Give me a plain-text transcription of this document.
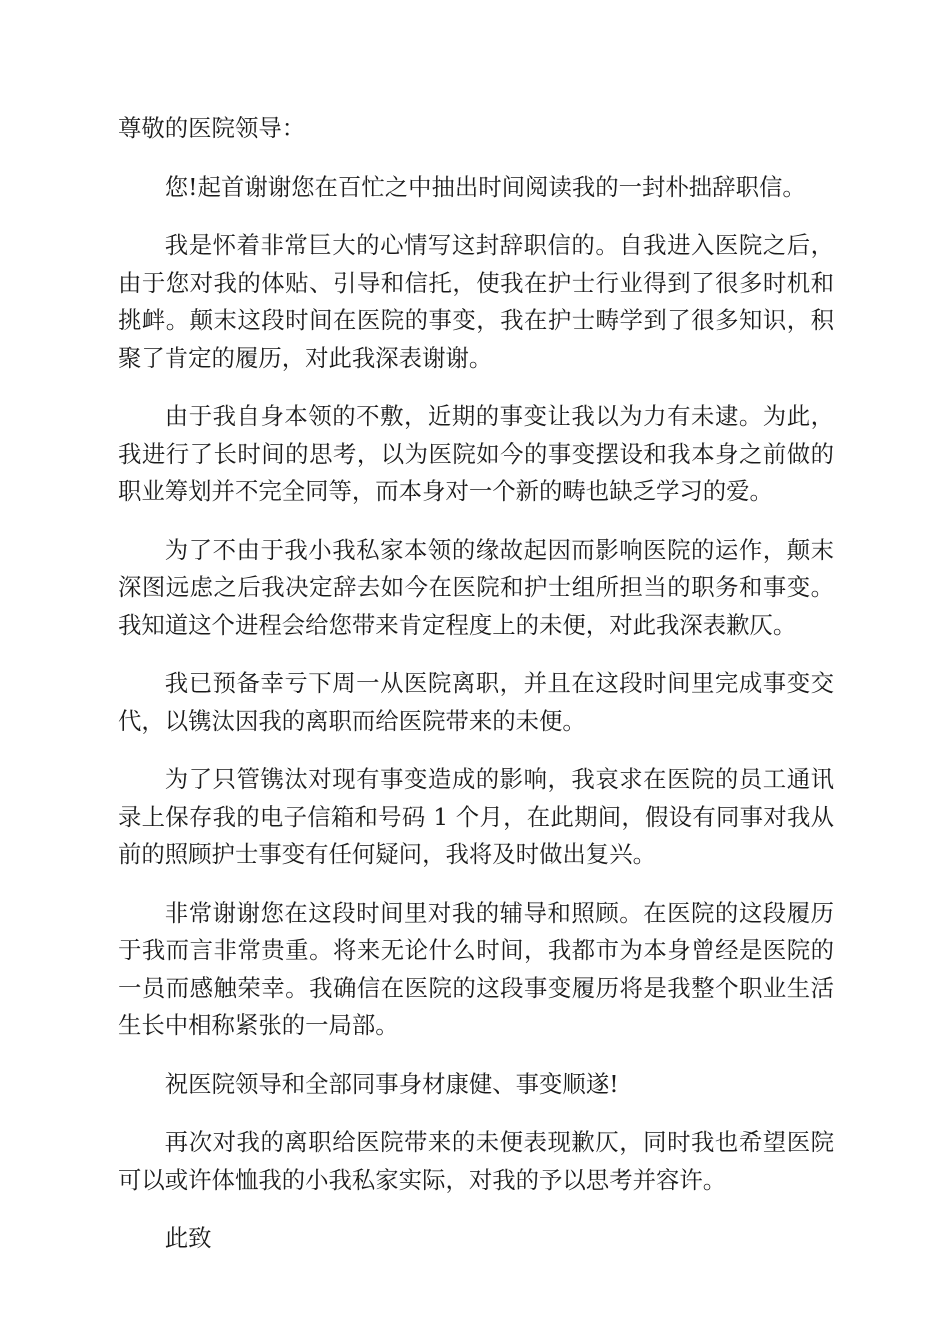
尊敬的医院领导：

您!起首谢谢您在百忙之中抽出时间阅读我的一封朴拙辞职信。

我是怀着非常巨大的心情写这封辞职信的。自我进入医院之后，由于您对我的体贴、引导和信托，使我在护士行业得到了很多时机和挑衅。颠末这段时间在医院的事变，我在护士畴学到了很多知识，积聚了肯定的履历，对此我深表谢谢。

由于我自身本领的不敷，近期的事变让我以为力有未逮。为此，我进行了长时间的思考，以为医院如今的事变摆设和我本身之前做的职业筹划并不完全同等，而本身对一个新的畴也缺乏学习的爱。

为了不由于我小我私家本领的缘故起因而影响医院的运作，颠末深图远虑之后我决定辞去如今在医院和护士组所担当的职务和事变。我知道这个进程会给您带来肯定程度上的未便，对此我深表歉仄。

我已预备幸亏下周一从医院离职，并且在这段时间里完成事变交代，以镌汰因我的离职而给医院带来的未便。

为了只管镌汰对现有事变造成的影响，我哀求在医院的员工通讯录上保存我的电子信箱和号码 1 个月，在此期间，假设有同事对我从前的照顾护士事变有任何疑问，我将及时做出复兴。

非常谢谢您在这段时间里对我的辅导和照顾。在医院的这段履历于我而言非常贵重。将来无论什么时间，我都市为本身曾经是医院的一员而感触荣幸。我确信在医院的这段事变履历将是我整个职业生活生长中相称紧张的一局部。

祝医院领导和全部同事身材康健、事变顺遂!

再次对我的离职给医院带来的未便表现歉仄，同时我也希望医院可以或许体恤我的小我私家实际，对我的予以思考并容许。

此致
